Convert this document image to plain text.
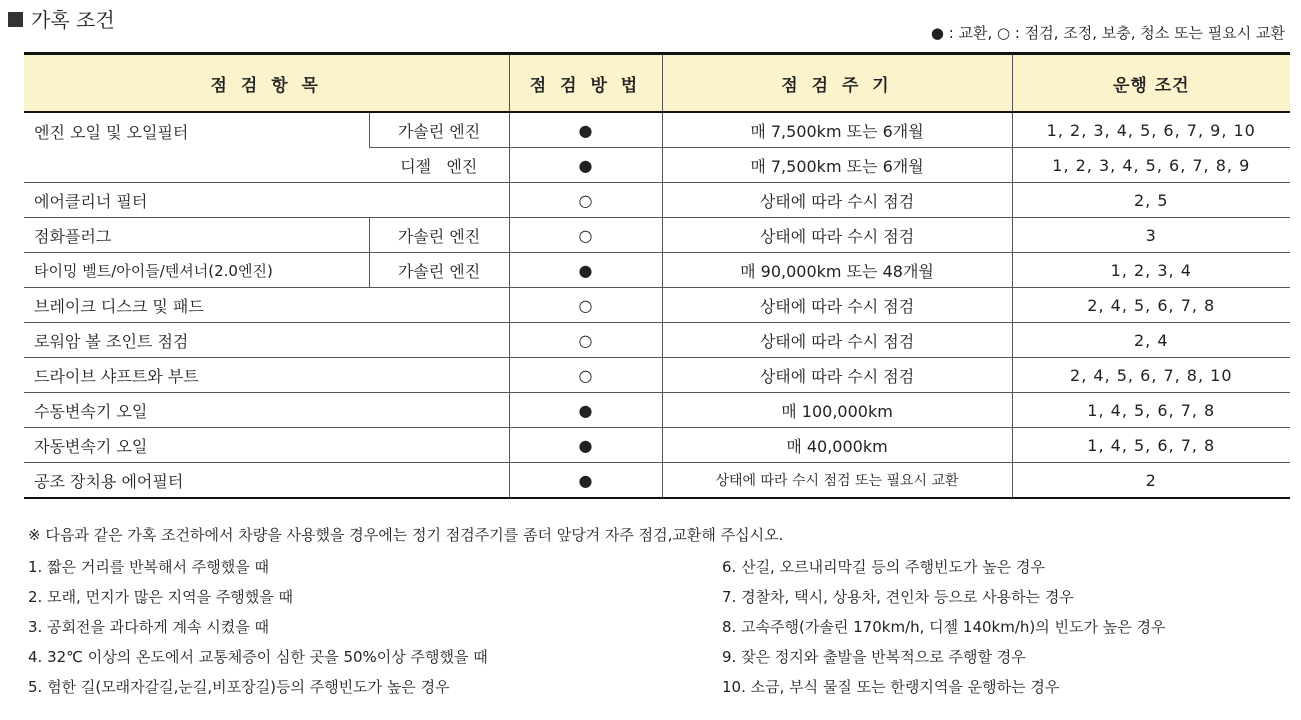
가혹 조건
● : 교환, ○ : 점검, 조정, 보충, 청소 또는 필요시 교환
점 검 항 목		점 검 방 법	점 검 주 기	운행 조건
엔진 오일 및 오일필터	가솔린 엔진	●	매 7,500km 또는 6개월	1, 2, 3, 4, 5, 6, 7, 9, 10
	디젤   엔진	●	매 7,500km 또는 6개월	1, 2, 3, 4, 5, 6, 7, 8, 9
에어클리너 필터		○	상태에 따라 수시 점검	2, 5
점화플러그	가솔린 엔진	○	상태에 따라 수시 점검	3
타이밍 벨트/아이들/텐셔너(2.0엔진)	가솔린 엔진	●	매 90,000km 또는 48개월	1, 2, 3, 4
브레이크 디스크 및 패드		○	상태에 따라 수시 점검	2, 4, 5, 6, 7, 8
로워암 볼 조인트 점검		○	상태에 따라 수시 점검	2, 4
드라이브 샤프트와 부트		○	상태에 따라 수시 점검	2, 4, 5, 6, 7, 8, 10
수동변속기 오일		●	매 100,000km	1, 4, 5, 6, 7, 8
자동변속기 오일		●	매 40,000km	1, 4, 5, 6, 7, 8
공조 장치용 에어필터		●	상태에 따라 수시 점검 또는 필요시 교환	2
※ 다음과 같은 가혹 조건하에서 차량을 사용했을 경우에는 정기 점검주기를 좀더 앞당겨 자주 점검,교환해 주십시오.
1. 짧은 거리를 반복해서 주행했을 때
2. 모래, 먼지가 많은 지역을 주행했을 때
3. 공회전을 과다하게 계속 시켰을 때
4. 32℃ 이상의 온도에서 교통체증이 심한 곳을 50%이상 주행했을 때
5. 험한 길(모래자갈길,눈길,비포장길)등의 주행빈도가 높은 경우
6. 산길, 오르내리막길 등의 주행빈도가 높은 경우
7. 경찰차, 택시, 상용차, 견인차 등으로 사용하는 경우
8. 고속주행(가솔린 170km/h, 디젤 140km/h)의 빈도가 높은 경우
9. 잦은 정지와 출발을 반복적으로 주행할 경우
10. 소금, 부식 물질 또는 한랭지역을 운행하는 경우
